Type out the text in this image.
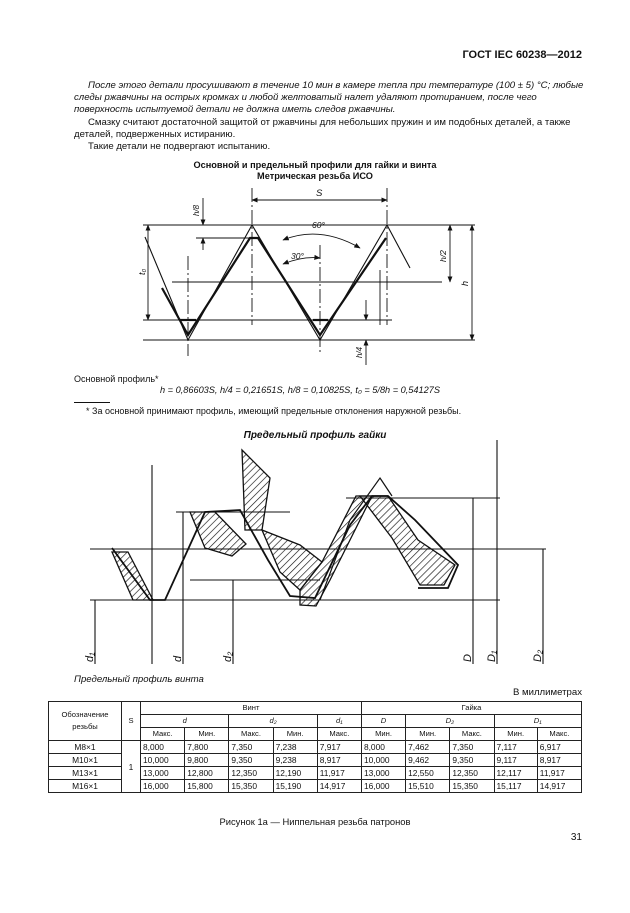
ГОСТ IEC 60238—2012

После этого детали просушивают в течение 10 мин в камере тепла при температуре (100 ± 5) °С; любые следы ржавчины на острых кромках и любой желтоватый налет удаляют протиранием, после чего поверхность испытуемой детали не должна иметь следов ржавчины.

Смазку считают достаточной защитой от ржавчины для небольших пружин и им подобных деталей, а также деталей, подверженных истиранию.

Такие детали не подвергают испытанию.

Основной и предельный профили для гайки и винта
Метрическая резьба ИСО
S
60°
30°
h/8
t₀
h/2
h
h/4
Основной профиль*
h = 0,86603S, h/4 = 0,21651S, h/8 = 0,10825S, t₀ = 5/8h = 0,54127S
* За основной принимают профиль, имеющий предельные отклонения наружной резьбы.
Предельный профиль гайки
d₁	d	d₂	D D₁	D₂
Предельный профиль винта
В миллиметрах
Обозначение резьбы	S	Винт					Гайка				
		d		d₂		d₁	D	D₂		D₁	
		Макс.	Мин.	Макс.	Мин.	Макс.	Мин.	Мин.	Макс.	Мин.	Макс.
M8×1	1	8,000	7,800	7,350	7,238	7,917	8,000	7,462	7,350	7,117	6,917
M10×1		10,000	9,800	9,350	9,238	8,917	10,000	9,462	9,350	9,117	8,917
M13×1		13,000	12,800	12,350	12,190	11,917	13,000	12,550	12,350	12,117	11,917
M16×1		16,000	15,800	15,350	15,190	14,917	16,000	15,510	15,350	15,117	14,917
Рисунок 1а — Ниппельная резьба патронов
31
